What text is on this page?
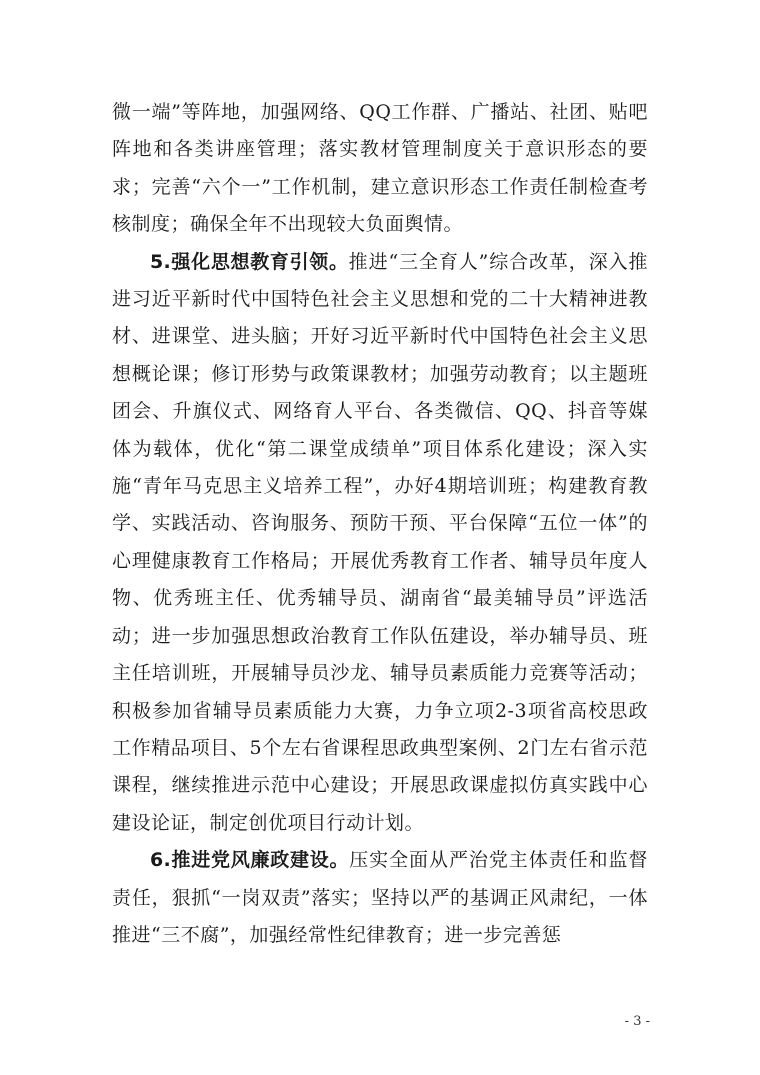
微一端”等阵地，加强网络、QQ工作群、广播站、社团、贴吧阵地和各类讲座管理；落实教材管理制度关于意识形态的要求；完善“六个一”工作机制，建立意识形态工作责任制检查考核制度；确保全年不出现较大负面舆情。

5.强化思想教育引领。推进“三全育人”综合改革，深入推进习近平新时代中国特色社会主义思想和党的二十大精神进教材、进课堂、进头脑；开好习近平新时代中国特色社会主义思想概论课；修订形势与政策课教材；加强劳动教育；以主题班团会、升旗仪式、网络育人平台、各类微信、QQ、抖音等媒体为载体，优化“第二课堂成绩单”项目体系化建设；深入实施“青年马克思主义培养工程”，办好4期培训班；构建教育教学、实践活动、咨询服务、预防干预、平台保障“五位一体”的心理健康教育工作格局；开展优秀教育工作者、辅导员年度人物、优秀班主任、优秀辅导员、湖南省“最美辅导员”评选活动；进一步加强思想政治教育工作队伍建设，举办辅导员、班主任培训班，开展辅导员沙龙、辅导员素质能力竞赛等活动；积极参加省辅导员素质能力大赛，力争立项2-3项省高校思政工作精品项目、5个左右省课程思政典型案例、2门左右省示范课程，继续推进示范中心建设；开展思政课虚拟仿真实践中心建设论证，制定创优项目行动计划。

6.推进党风廉政建设。压实全面从严治党主体责任和监督责任，狠抓“一岗双责”落实；坚持以严的基调正风肃纪，一体推进“三不腐”，加强经常性纪律教育；进一步完善惩

- 3 -
